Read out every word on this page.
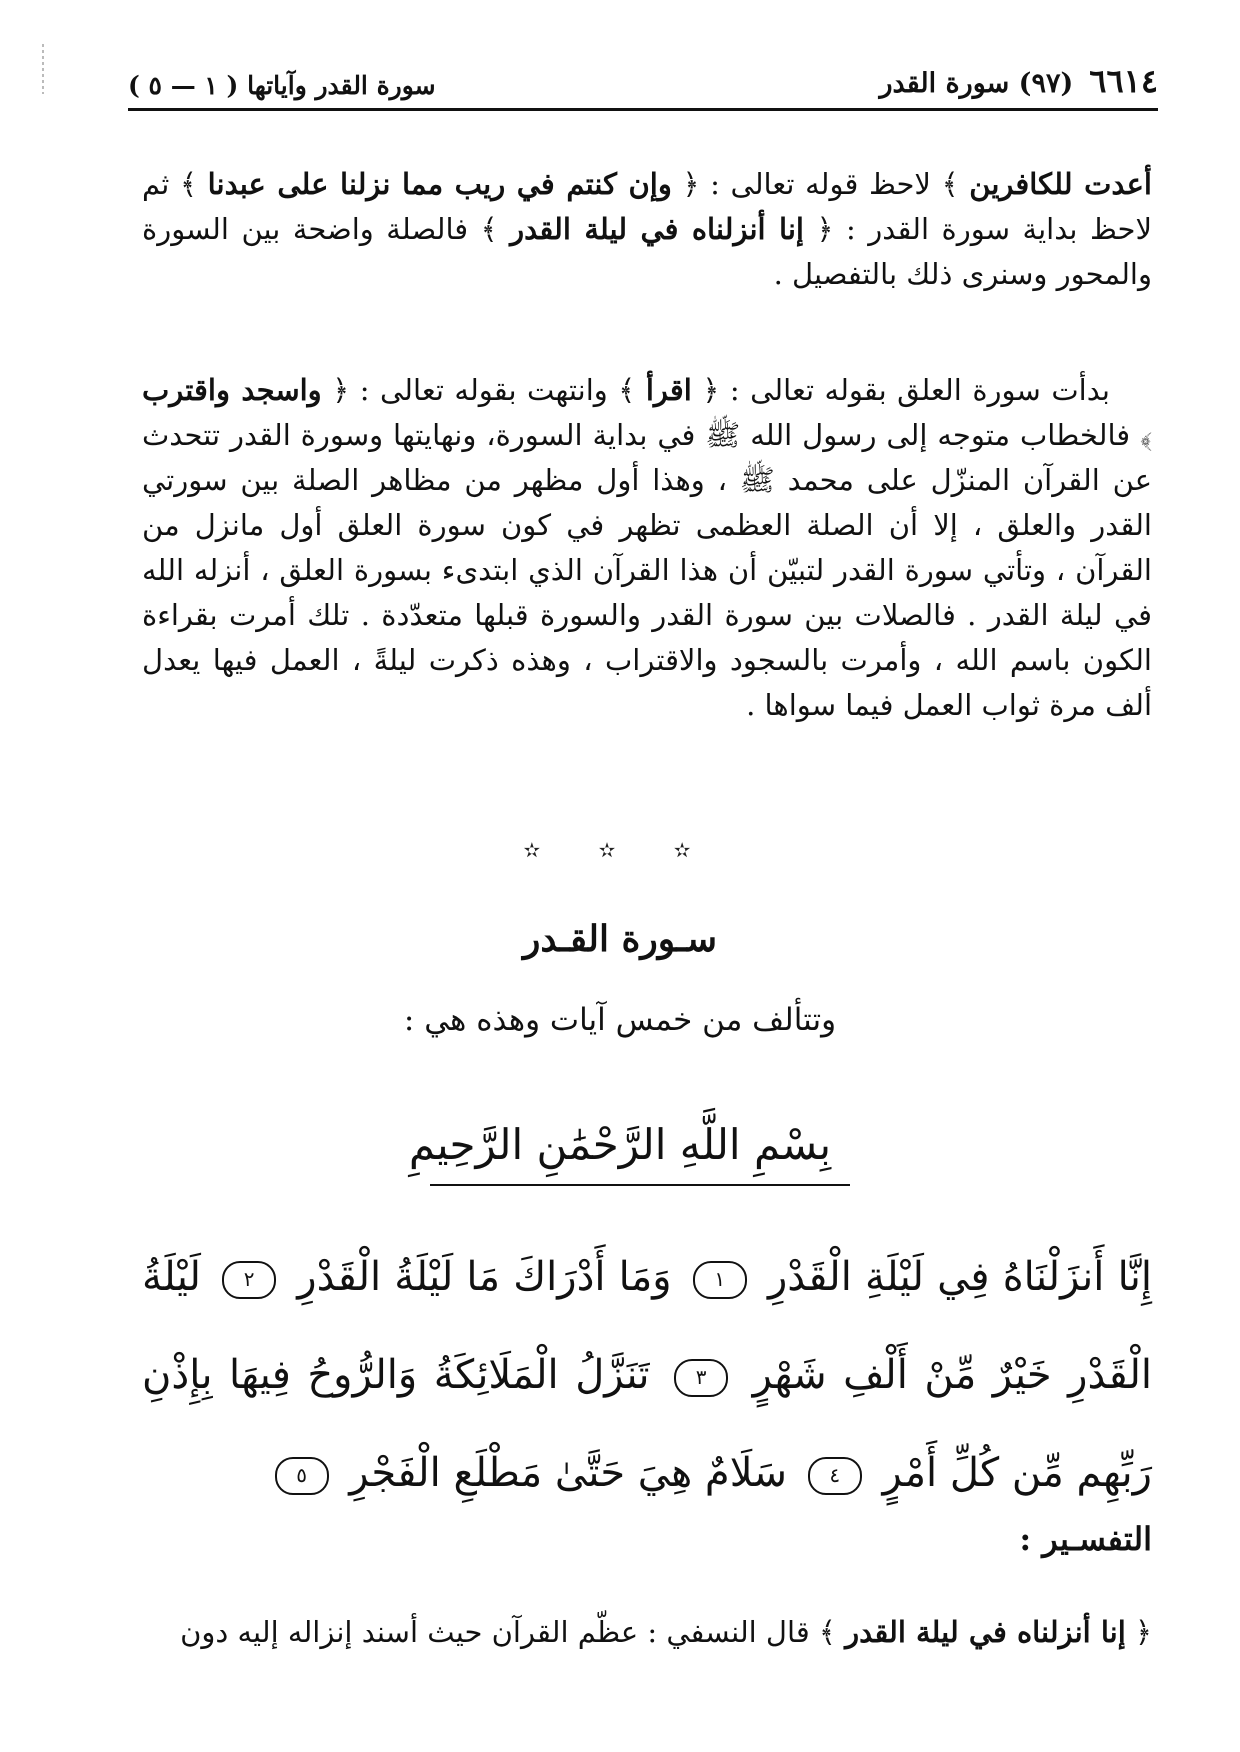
٦٦١٤
(٩٧) سورة القدر
سورة القدر وآياتها ( ١ — ٥ )

أعدت للكافرين ﴾ لاحظ قوله تعالى : ﴿ وإن كنتم في ريب مما نزلنا على عبدنا ﴾ ثم لاحظ بداية سورة القدر : ﴿ إنا أنزلناه في ليلة القدر ﴾ فالصلة واضحة بين السورة والمحور وسنرى ذلك بالتفصيل .

بدأت سورة العلق بقوله تعالى : ﴿ اقرأ ﴾ وانتهت بقوله تعالى : ﴿ واسجد واقترب ﴾ فالخطاب متوجه إلى رسول الله ﷺ في بداية السورة، ونهايتها وسورة القدر تتحدث عن القرآن المنزّل على محمد ﷺ ، وهذا أول مظهر من مظاهر الصلة بين سورتي القدر والعلق ، إلا أن الصلة العظمى تظهر في كون سورة العلق أول مانزل من القرآن ، وتأتي سورة القدر لتبيّن أن هذا القرآن الذي ابتدىء بسورة العلق ، أنزله الله في ليلة القدر . فالصلات بين سورة القدر والسورة قبلها متعدّدة . تلك أمرت بقراءة الكون باسم الله ، وأمرت بالسجود والاقتراب ، وهذه ذكرت ليلةً ، العمل فيها يعدل ألف مرة ثواب العمل فيما سواها .

✫ ✫ ✫
سـورة القـدر
وتتألف من خمس آيات وهذه هي :
بِسْمِ اللَّهِ الرَّحْمَٰنِ الرَّحِيمِ
إِنَّا أَنزَلْنَاهُ فِي لَيْلَةِ الْقَدْرِ ١ وَمَا أَدْرَاكَ مَا لَيْلَةُ الْقَدْرِ ٢ لَيْلَةُ الْقَدْرِ خَيْرٌ مِّنْ أَلْفِ شَهْرٍ ٣ تَنَزَّلُ الْمَلَائِكَةُ وَالرُّوحُ فِيهَا بِإِذْنِ رَبِّهِم مِّن كُلِّ أَمْرٍ ٤ سَلَامٌ هِيَ حَتَّىٰ مَطْلَعِ الْفَجْرِ ٥
التفسـير :
﴿ إنا أنزلناه في ليلة القدر ﴾ قال النسفي : عظّم القرآن حيث أسند إنزاله إليه دون
